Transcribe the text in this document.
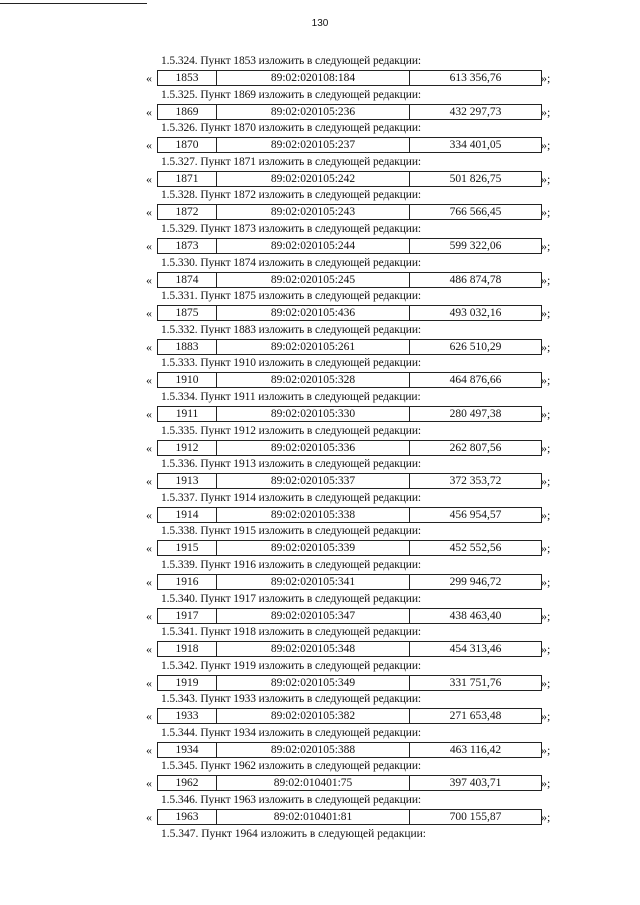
130
1.5.324. Пункт 1853 изложить в следующей редакции:
« 1853	89:02:020108:184	613 356,76	»;
1.5.325. Пункт 1869 изложить в следующей редакции:
« 1869	89:02:020105:236	432 297,73	»;
1.5.326. Пункт 1870 изложить в следующей редакции:
« 1870	89:02:020105:237	334 401,05	»;
1.5.327. Пункт 1871 изложить в следующей редакции:
« 1871	89:02:020105:242	501 826,75	»;
1.5.328. Пункт 1872 изложить в следующей редакции:
« 1872	89:02:020105:243	766 566,45	»;
1.5.329. Пункт 1873 изложить в следующей редакции:
« 1873	89:02:020105:244	599 322,06	»;
1.5.330. Пункт 1874 изложить в следующей редакции:
« 1874	89:02:020105:245	486 874,78	»;
1.5.331. Пункт 1875 изложить в следующей редакции:
« 1875	89:02:020105:436	493 032,16	»;
1.5.332. Пункт 1883 изложить в следующей редакции:
« 1883	89:02:020105:261	626 510,29	»;
1.5.333. Пункт 1910 изложить в следующей редакции:
« 1910	89:02:020105:328	464 876,66	»;
1.5.334. Пункт 1911 изложить в следующей редакции:
« 1911	89:02:020105:330	280 497,38	»;
1.5.335. Пункт 1912 изложить в следующей редакции:
« 1912	89:02:020105:336	262 807,56	»;
1.5.336. Пункт 1913 изложить в следующей редакции:
« 1913	89:02:020105:337	372 353,72	»;
1.5.337. Пункт 1914 изложить в следующей редакции:
« 1914	89:02:020105:338	456 954,57	»;
1.5.338. Пункт 1915 изложить в следующей редакции:
« 1915	89:02:020105:339	452 552,56	»;
1.5.339. Пункт 1916 изложить в следующей редакции:
« 1916	89:02:020105:341	299 946,72	»;
1.5.340. Пункт 1917 изложить в следующей редакции:
« 1917	89:02:020105:347	438 463,40	»;
1.5.341. Пункт 1918 изложить в следующей редакции:
« 1918	89:02:020105:348	454 313,46	»;
1.5.342. Пункт 1919 изложить в следующей редакции:
« 1919	89:02:020105:349	331 751,76	»;
1.5.343. Пункт 1933 изложить в следующей редакции:
« 1933	89:02:020105:382	271 653,48	»;
1.5.344. Пункт 1934 изложить в следующей редакции:
« 1934	89:02:020105:388	463 116,42	»;
1.5.345. Пункт 1962 изложить в следующей редакции:
« 1962	89:02:010401:75	397 403,71	»;
1.5.346. Пункт 1963 изложить в следующей редакции:
« 1963	89:02:010401:81	700 155,87	»;
1.5.347. Пункт 1964 изложить в следующей редакции:
